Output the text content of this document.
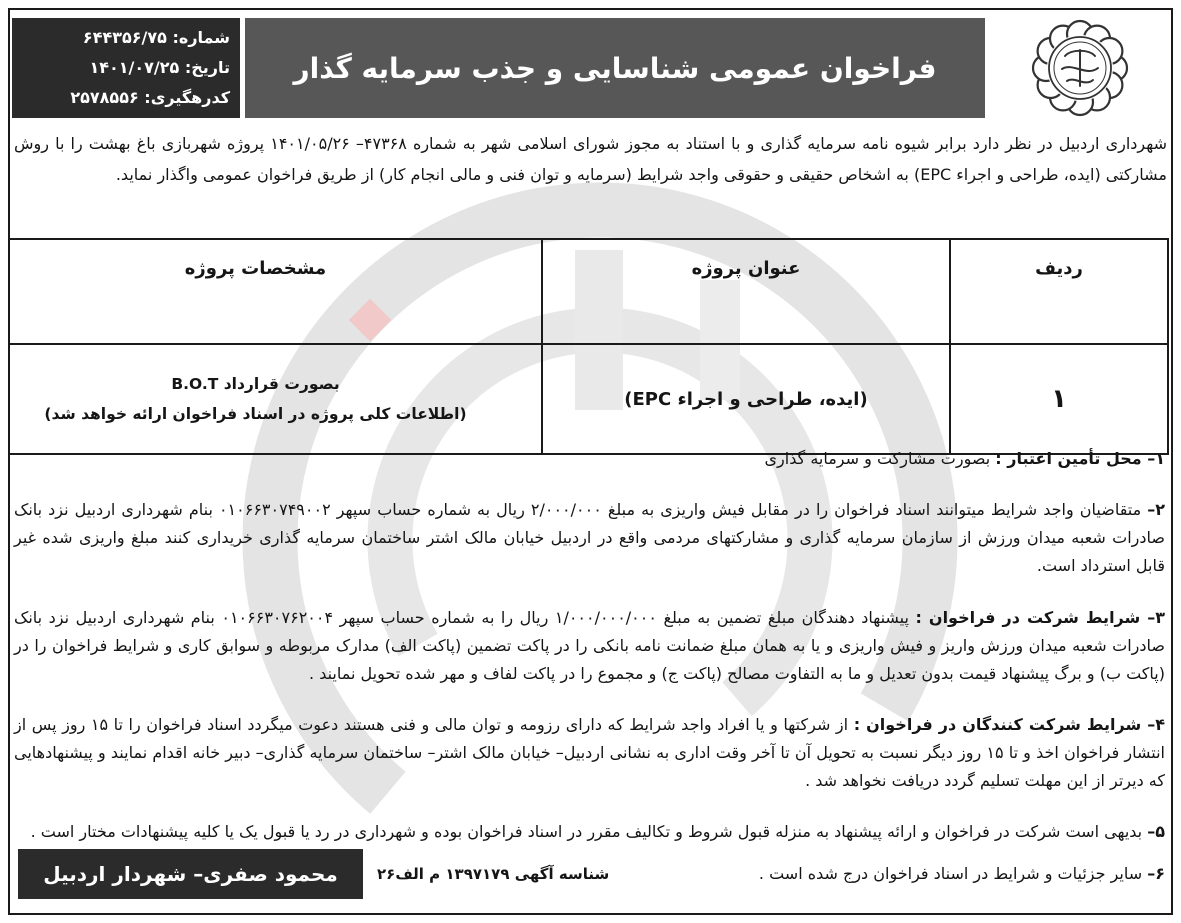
فراخوان عمومی شناسایی و جذب سرمایه گذار
شماره: ۶۴۴۳۵۶/۷۵
تاریخ: ۱۴۰۱/۰۷/۲۵
کدرهگیری: ۲۵۷۸۵۵۶

شهرداری اردبیل در نظر دارد برابر شیوه نامه سرمایه گذاری و با استناد به مجوز شورای اسلامی شهر به شماره ۴۷۳۶۸– ۱۴۰۱/۰۵/۲۶ پروژه شهربازی باغ بهشت را با روش مشارکتی (ایده، طراحی و اجراء EPC) به اشخاص حقیقی و حقوقی واجد شرایط (سرمایه و توان فنی و مالی انجام کار) از طریق فراخوان عمومی واگذار نماید.

ردیف	عنوان پروژه	مشخصات پروژه
۱	(ایده، طراحی و اجراء EPC)	بصورت قرارداد B.O.T
(اطلاعات کلی پروژه در اسناد فراخوان ارائه خواهد شد)

۱– محل تأمین اعتبار : بصورت مشارکت و سرمایه گذاری

۲– متقاضیان واجد شرایط میتوانند اسناد فراخوان را در مقابل فیش واریزی به مبلغ ۲/۰۰۰/۰۰۰ ریال به شماره حساب سپهر ۰۱۰۶۶۳۰۷۴۹۰۰۲ بنام شهرداری اردبیل نزد بانک صادرات شعبه میدان ورزش از سازمان سرمایه گذاری و مشارکتهای مردمی واقع در اردبیل خیابان مالک اشتر ساختمان سرمایه گذاری خریداری کنند مبلغ واریزی شده غیر قابل استرداد است.

۳– شرایط شرکت در فراخوان : پیشنهاد دهندگان مبلغ تضمین به مبلغ ۱/۰۰۰/۰۰۰/۰۰۰ ریال را به شماره حساب سپهر ۰۱۰۶۶۳۰۷۶۲۰۰۴ بنام شهرداری اردبیل نزد بانک صادرات شعبه میدان ورزش واریز و فیش واریزی و یا به همان مبلغ ضمانت نامه بانکی را در پاکت تضمین (پاکت الف) مدارک مربوطه و سوابق کاری و شرایط فراخوان را در (پاکت ب) و برگ پیشنهاد قیمت بدون تعدیل و ما به التفاوت مصالح (پاکت ج) و مجموع را در پاکت لفاف و مهر شده تحویل نمایند .

۴– شرایط شرکت کنندگان در فراخوان : از شرکتها و یا افراد واجد شرایط که دارای رزومه و توان مالی و فنی هستند دعوت میگردد اسناد فراخوان را تا ۱۵ روز پس از انتشار فراخوان اخذ و تا ۱۵ روز دیگر نسبت به تحویل آن تا آخر وقت اداری به نشانی اردبیل– خیابان مالک اشتر– ساختمان سرمایه گذاری– دبیر خانه اقدام نمایند و پیشنهادهایی که دیرتر از این مهلت تسلیم گردد دریافت نخواهد شد .

۵– بدیهی است شرکت در فراخوان و ارائه پیشنهاد به منزله قبول شروط و تکالیف مقرر در اسناد فراخوان بوده و شهرداری در رد یا قبول یک یا کلیه پیشنهادات مختار است .

۶– سایر جزئیات و شرایط در اسناد فراخوان درج شده است .

شناسه آگهی ۱۳۹۷۱۷۹ م الف۲۶
محمود صفری– شهردار اردبیل
